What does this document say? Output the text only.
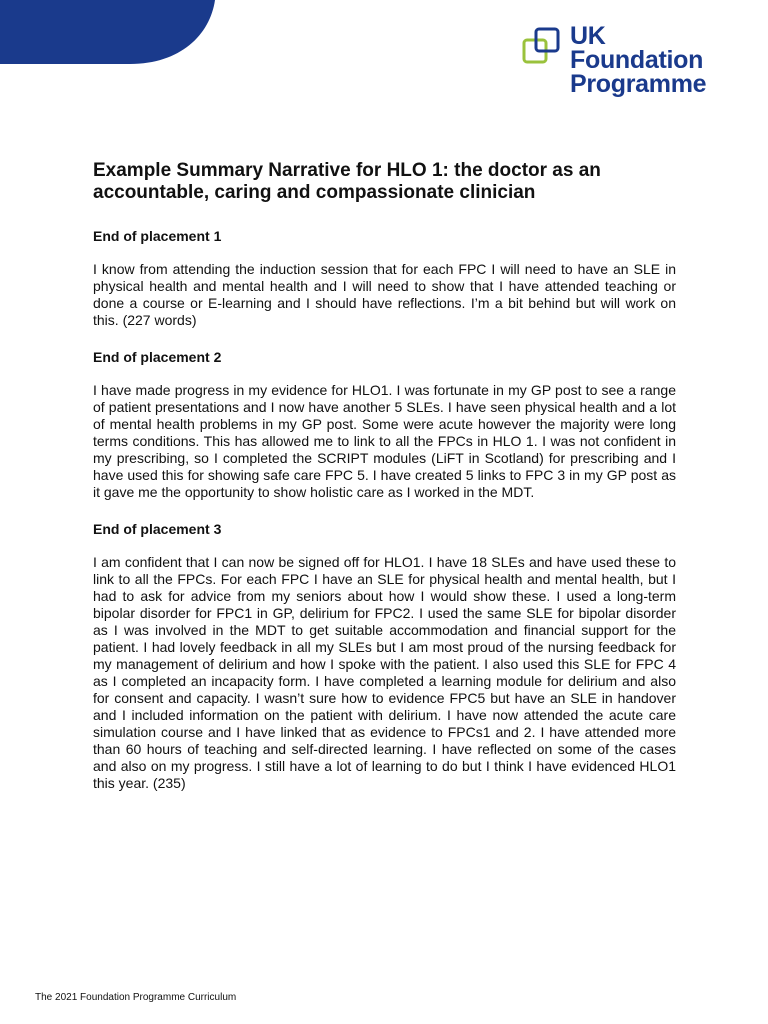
UK
Foundation
Programme
Example Summary Narrative for HLO 1: the doctor as an accountable, caring and compassionate clinician
End of placement 1

I know from attending the induction session that for each FPC I will need to have an SLE in physical health and mental health and I will need to show that I have attended teaching or done a course or E-learning and I should have reflections. I’m a bit behind but will work on this. (227 words)

End of placement 2

I have made progress in my evidence for HLO1. I was fortunate in my GP post to see a range of patient presentations and I now have another 5 SLEs. I have seen physical health and a lot of mental health problems in my GP post. Some were acute however the majority were long terms conditions. This has allowed me to link to all the FPCs in HLO 1. I was not confident in my prescribing, so I completed the SCRIPT modules (LiFT in Scotland) for prescribing and I have used this for showing safe care FPC 5. I have created 5 links to FPC 3 in my GP post as it gave me the opportunity to show holistic care as I worked in the MDT.

End of placement 3

I am confident that I can now be signed off for HLO1. I have 18 SLEs and have used these to link to all the FPCs. For each FPC I have an SLE for physical health and mental health, but I had to ask for advice from my seniors about how I would show these. I used a long-term bipolar disorder for FPC1 in GP, delirium for FPC2. I used the same SLE for bipolar disorder as I was involved in the MDT to get suitable accommodation and financial support for the patient. I had lovely feedback in all my SLEs but I am most proud of the nursing feedback for my management of delirium and how I spoke with the patient. I also used this SLE for FPC 4 as I completed an incapacity form. I have completed a learning module for delirium and also for consent and capacity. I wasn’t sure how to evidence FPC5 but have an SLE in handover and I included information on the patient with delirium. I have now attended the acute care simulation course and I have linked that as evidence to FPCs1 and 2. I have attended more than 60 hours of teaching and self-directed learning. I have reflected on some of the cases and also on my progress. I still have a lot of learning to do but I think I have evidenced HLO1 this year. (235)

The 2021 Foundation Programme Curriculum
